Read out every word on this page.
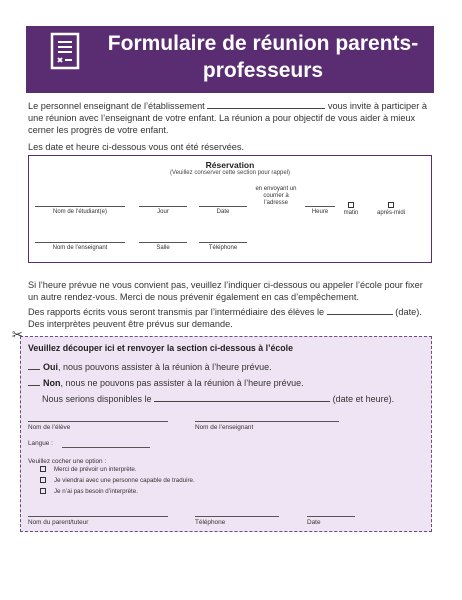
Formulaire de réunion parents-professeurs
Le personnel enseignant de l’établissement	vous invite à participer à une réunion avec l’enseignant de votre enfant. La réunion a pour objectif de vous aider à mieux cerner les progrès de votre enfant.
Les date et heure ci-dessous vous ont été réservées.
Réservation
(Veuillez conserver cette section pour rappel)
Nom de l’étudiant(e)	Jour	Date
en envoyant un courrier à l’adresse
Heure	matin	après-midi
Nom de l’enseignant	Salle	Téléphone
Si l’heure prévue ne vous convient pas, veuillez l’indiquer ci-dessous ou appeler l’école pour fixer un autre rendez-vous. Merci de nous prévenir également en cas d’empêchement.
Des rapports écrits vous seront transmis par l’intermédiaire des élèves le	(date).
Des interprètes peuvent être prévus sur demande.
✂
Veuillez découper ici et renvoyer la section ci-dessous à l’école
Oui, nous pouvons assister à la réunion à l’heure prévue.
Non, nous ne pouvons pas assister à la réunion à l’heure prévue.
Nous serions disponibles le	(date et heure).
Nom de l’élève	Nom de l’enseignant
Langue :
Veuillez cocher une option :
Merci de prévoir un interprète.
Je viendrai avec une personne capable de traduire.
Je n’ai pas besoin d’interprète.
Nom du parent/tuteur	Téléphone	Date
